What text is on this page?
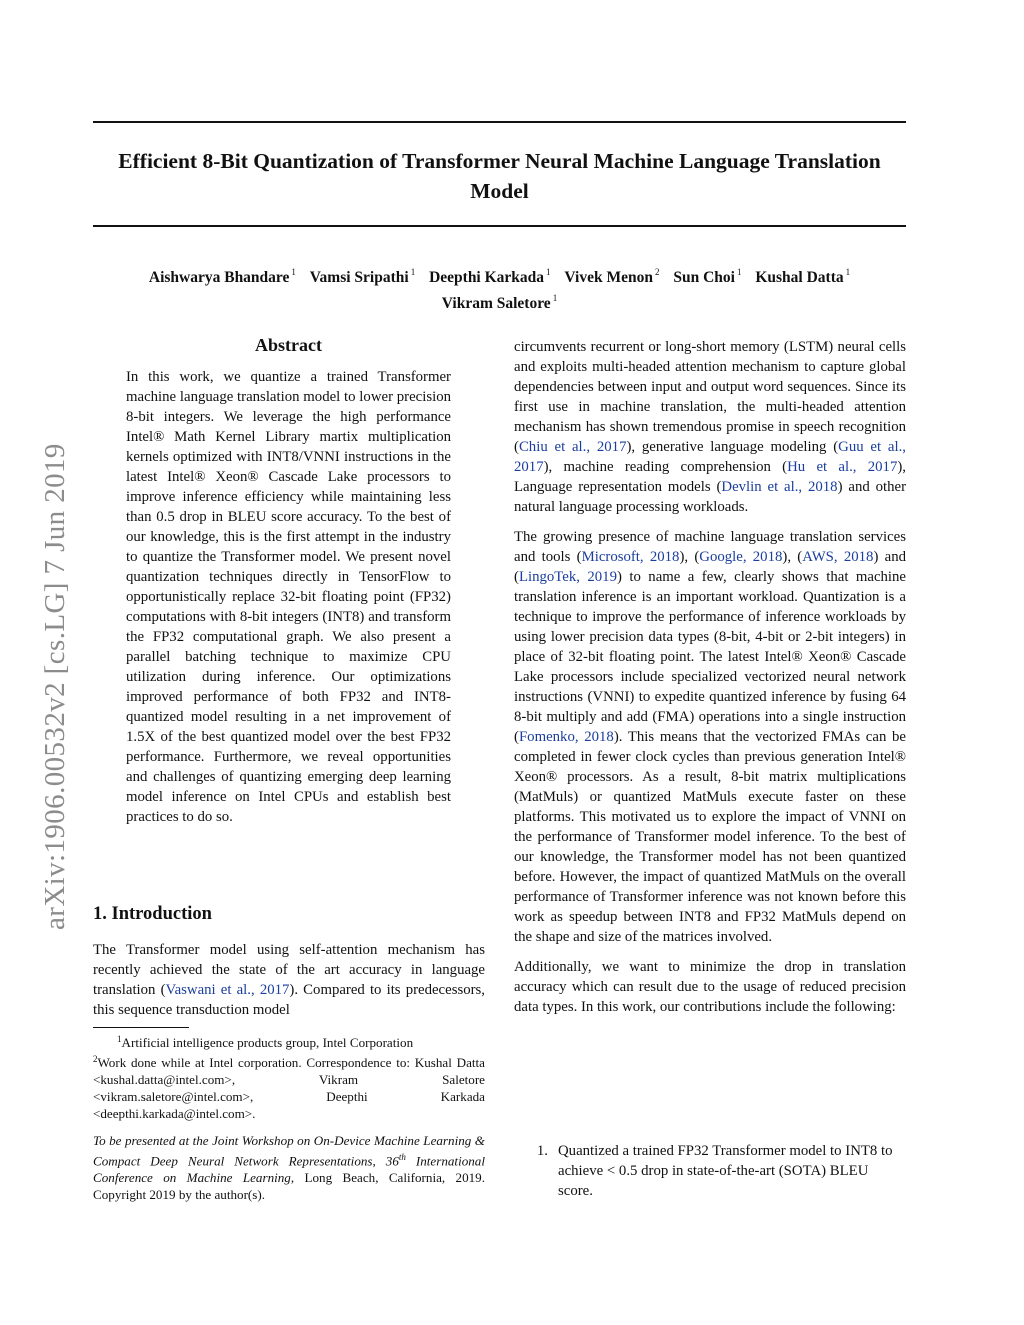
Efficient 8-Bit Quantization of Transformer Neural Machine Language Translation Model
Aishwarya Bhandare $^1$ Vamsi Sripathi $^1$ Deepthi Karkada $^1$ Vivek Menon $^2$ Sun Choi $^1$ Kushal Datta $^1$
Vikram Saletore $^1$
arXiv:1906.00532v2 [cs.LG] 7 Jun 2019
Abstract

In this work, we quantize a trained Transformer machine language translation model to lower precision 8-bit integers. We leverage the high performance Intel® Math Kernel Library martix multiplication kernels optimized with INT8/VNNI instructions in the latest Intel® Xeon® Cascade Lake processors to improve inference efficiency while maintaining less than 0.5 drop in BLEU score accuracy. To the best of our knowledge, this is the first attempt in the industry to quantize the Transformer model. We present novel quantization techniques directly in TensorFlow to opportunistically replace 32-bit floating point (FP32) computations with 8-bit integers (INT8) and transform the FP32 computational graph. We also present a parallel batching technique to maximize CPU utilization during inference. Our optimizations improved performance of both FP32 and INT8-quantized model resulting in a net improvement of 1.5X of the best quantized model over the best FP32 performance. Furthermore, we reveal opportunities and challenges of quantizing emerging deep learning model inference on Intel CPUs and establish best practices to do so.

1. Introduction

The Transformer model using self-attention mechanism has recently achieved the state of the art accuracy in language translation (Vaswani et al., 2017). Compared to its predecessors, this sequence transduction model

$^1$Artificial intelligence products group, Intel Corporation

$^2$Work done while at Intel corporation. Correspondence to: Kushal Datta <kushal.datta@intel.com>, Vikram Saletore <vikram.saletore@intel.com>, Deepthi Karkada <deepthi.karkada@intel.com>.

To be presented at the Joint Workshop on On-Device Machine Learning & Compact Deep Neural Network Representations, 36th International Conference on Machine Learning, Long Beach, California, 2019. Copyright 2019 by the author(s).

circumvents recurrent or long-short memory (LSTM) neural cells and exploits multi-headed attention mechanism to capture global dependencies between input and output word sequences. Since its first use in machine translation, the multi-headed attention mechanism has shown tremendous promise in speech recognition (Chiu et al., 2017), generative language modeling (Guu et al., 2017), machine reading comprehension (Hu et al., 2017), Language representation models (Devlin et al., 2018) and other natural language processing workloads.

The growing presence of machine language translation services and tools (Microsoft, 2018), (Google, 2018), (AWS, 2018) and (LingoTek, 2019) to name a few, clearly shows that machine translation inference is an important workload. Quantization is a technique to improve the performance of inference workloads by using lower precision data types (8-bit, 4-bit or 2-bit integers) in place of 32-bit floating point. The latest Intel® Xeon® Cascade Lake processors include specialized vectorized neural network instructions (VNNI) to expedite quantized inference by fusing 64 8-bit multiply and add (FMA) operations into a single instruction (Fomenko, 2018). This means that the vectorized FMAs can be completed in fewer clock cycles than previous generation Intel® Xeon® processors. As a result, 8-bit matrix multiplications (MatMuls) or quantized MatMuls execute faster on these platforms. This motivated us to explore the impact of VNNI on the performance of Transformer model inference. To the best of our knowledge, the Transformer model has not been quantized before. However, the impact of quantized MatMuls on the overall performance of Transformer inference was not known before this work as speedup between INT8 and FP32 MatMuls depend on the shape and size of the matrices involved.

Additionally, we want to minimize the drop in translation accuracy which can result due to the usage of reduced precision data types. In this work, our contributions include the following:

1. Quantized a trained FP32 Transformer model to INT8 to achieve < 0.5 drop in state-of-the-art (SOTA) BLEU score.
